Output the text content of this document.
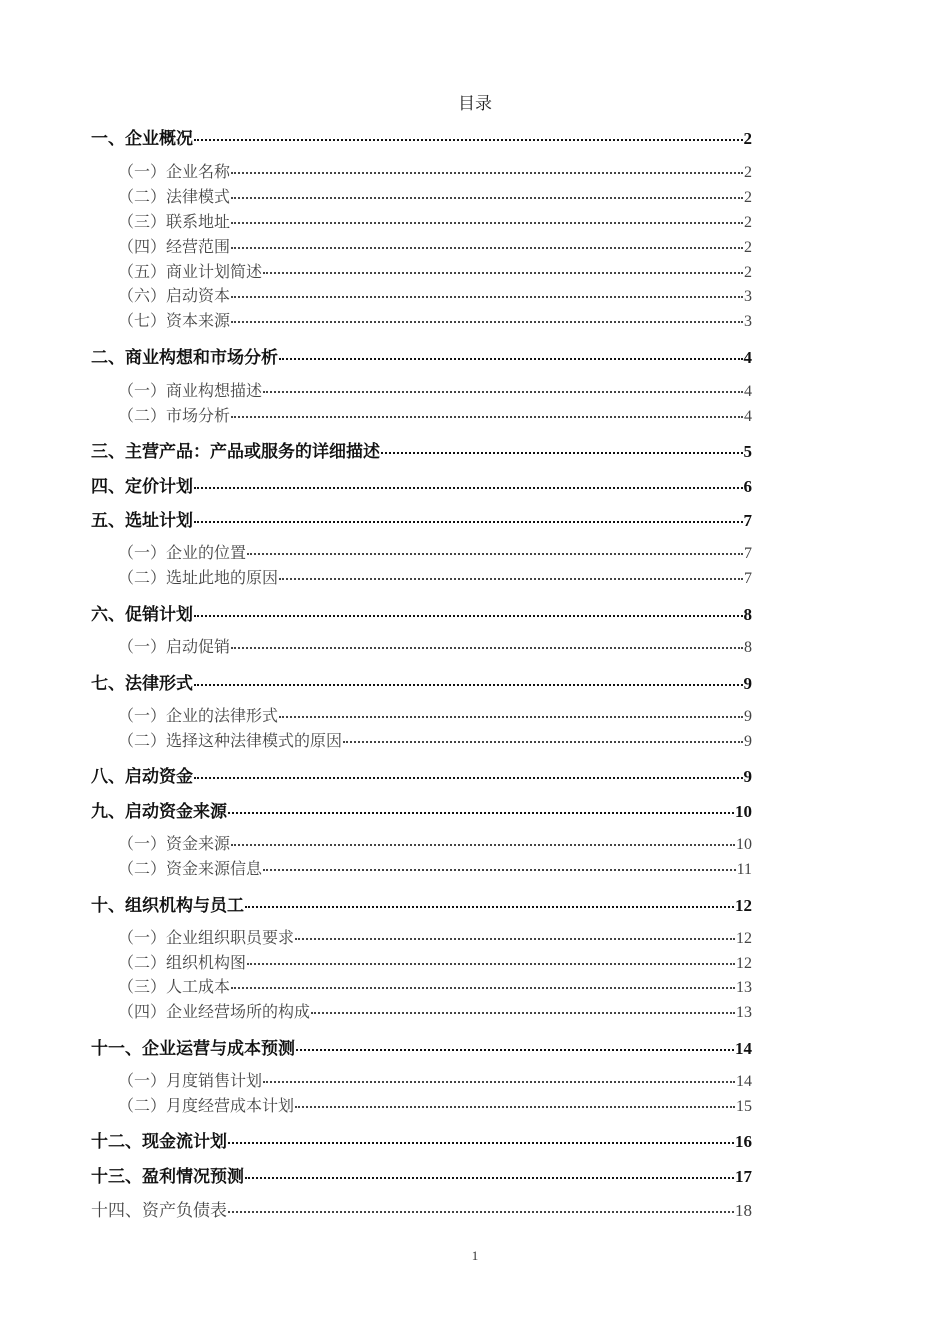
目录
一、企业概况	2
（一）企业名称	2
（二）法律模式	2
（三）联系地址	2
（四）经营范围	2
（五）商业计划简述	2
（六）启动资本	3
（七）资本来源	3
二、商业构想和市场分析	4
（一）商业构想描述	4
（二）市场分析	4
三、主营产品：产品或服务的详细描述	5
四、定价计划	6
五、选址计划	7
（一）企业的位置	7
（二）选址此地的原因	7
六、促销计划	8
（一）启动促销	8
七、法律形式	9
（一）企业的法律形式	9
（二）选择这种法律模式的原因	9
八、启动资金	9
九、启动资金来源	10
（一）资金来源	10
（二）资金来源信息	11
十、组织机构与员工	12
（一）企业组织职员要求	12
（二）组织机构图	12
（三）人工成本	13
（四）企业经营场所的构成	13
十一、企业运营与成本预测	14
（一）月度销售计划	14
（二）月度经营成本计划	15
十二、现金流计划	16
十三、盈利情况预测	17
十四、资产负债表	18
1
